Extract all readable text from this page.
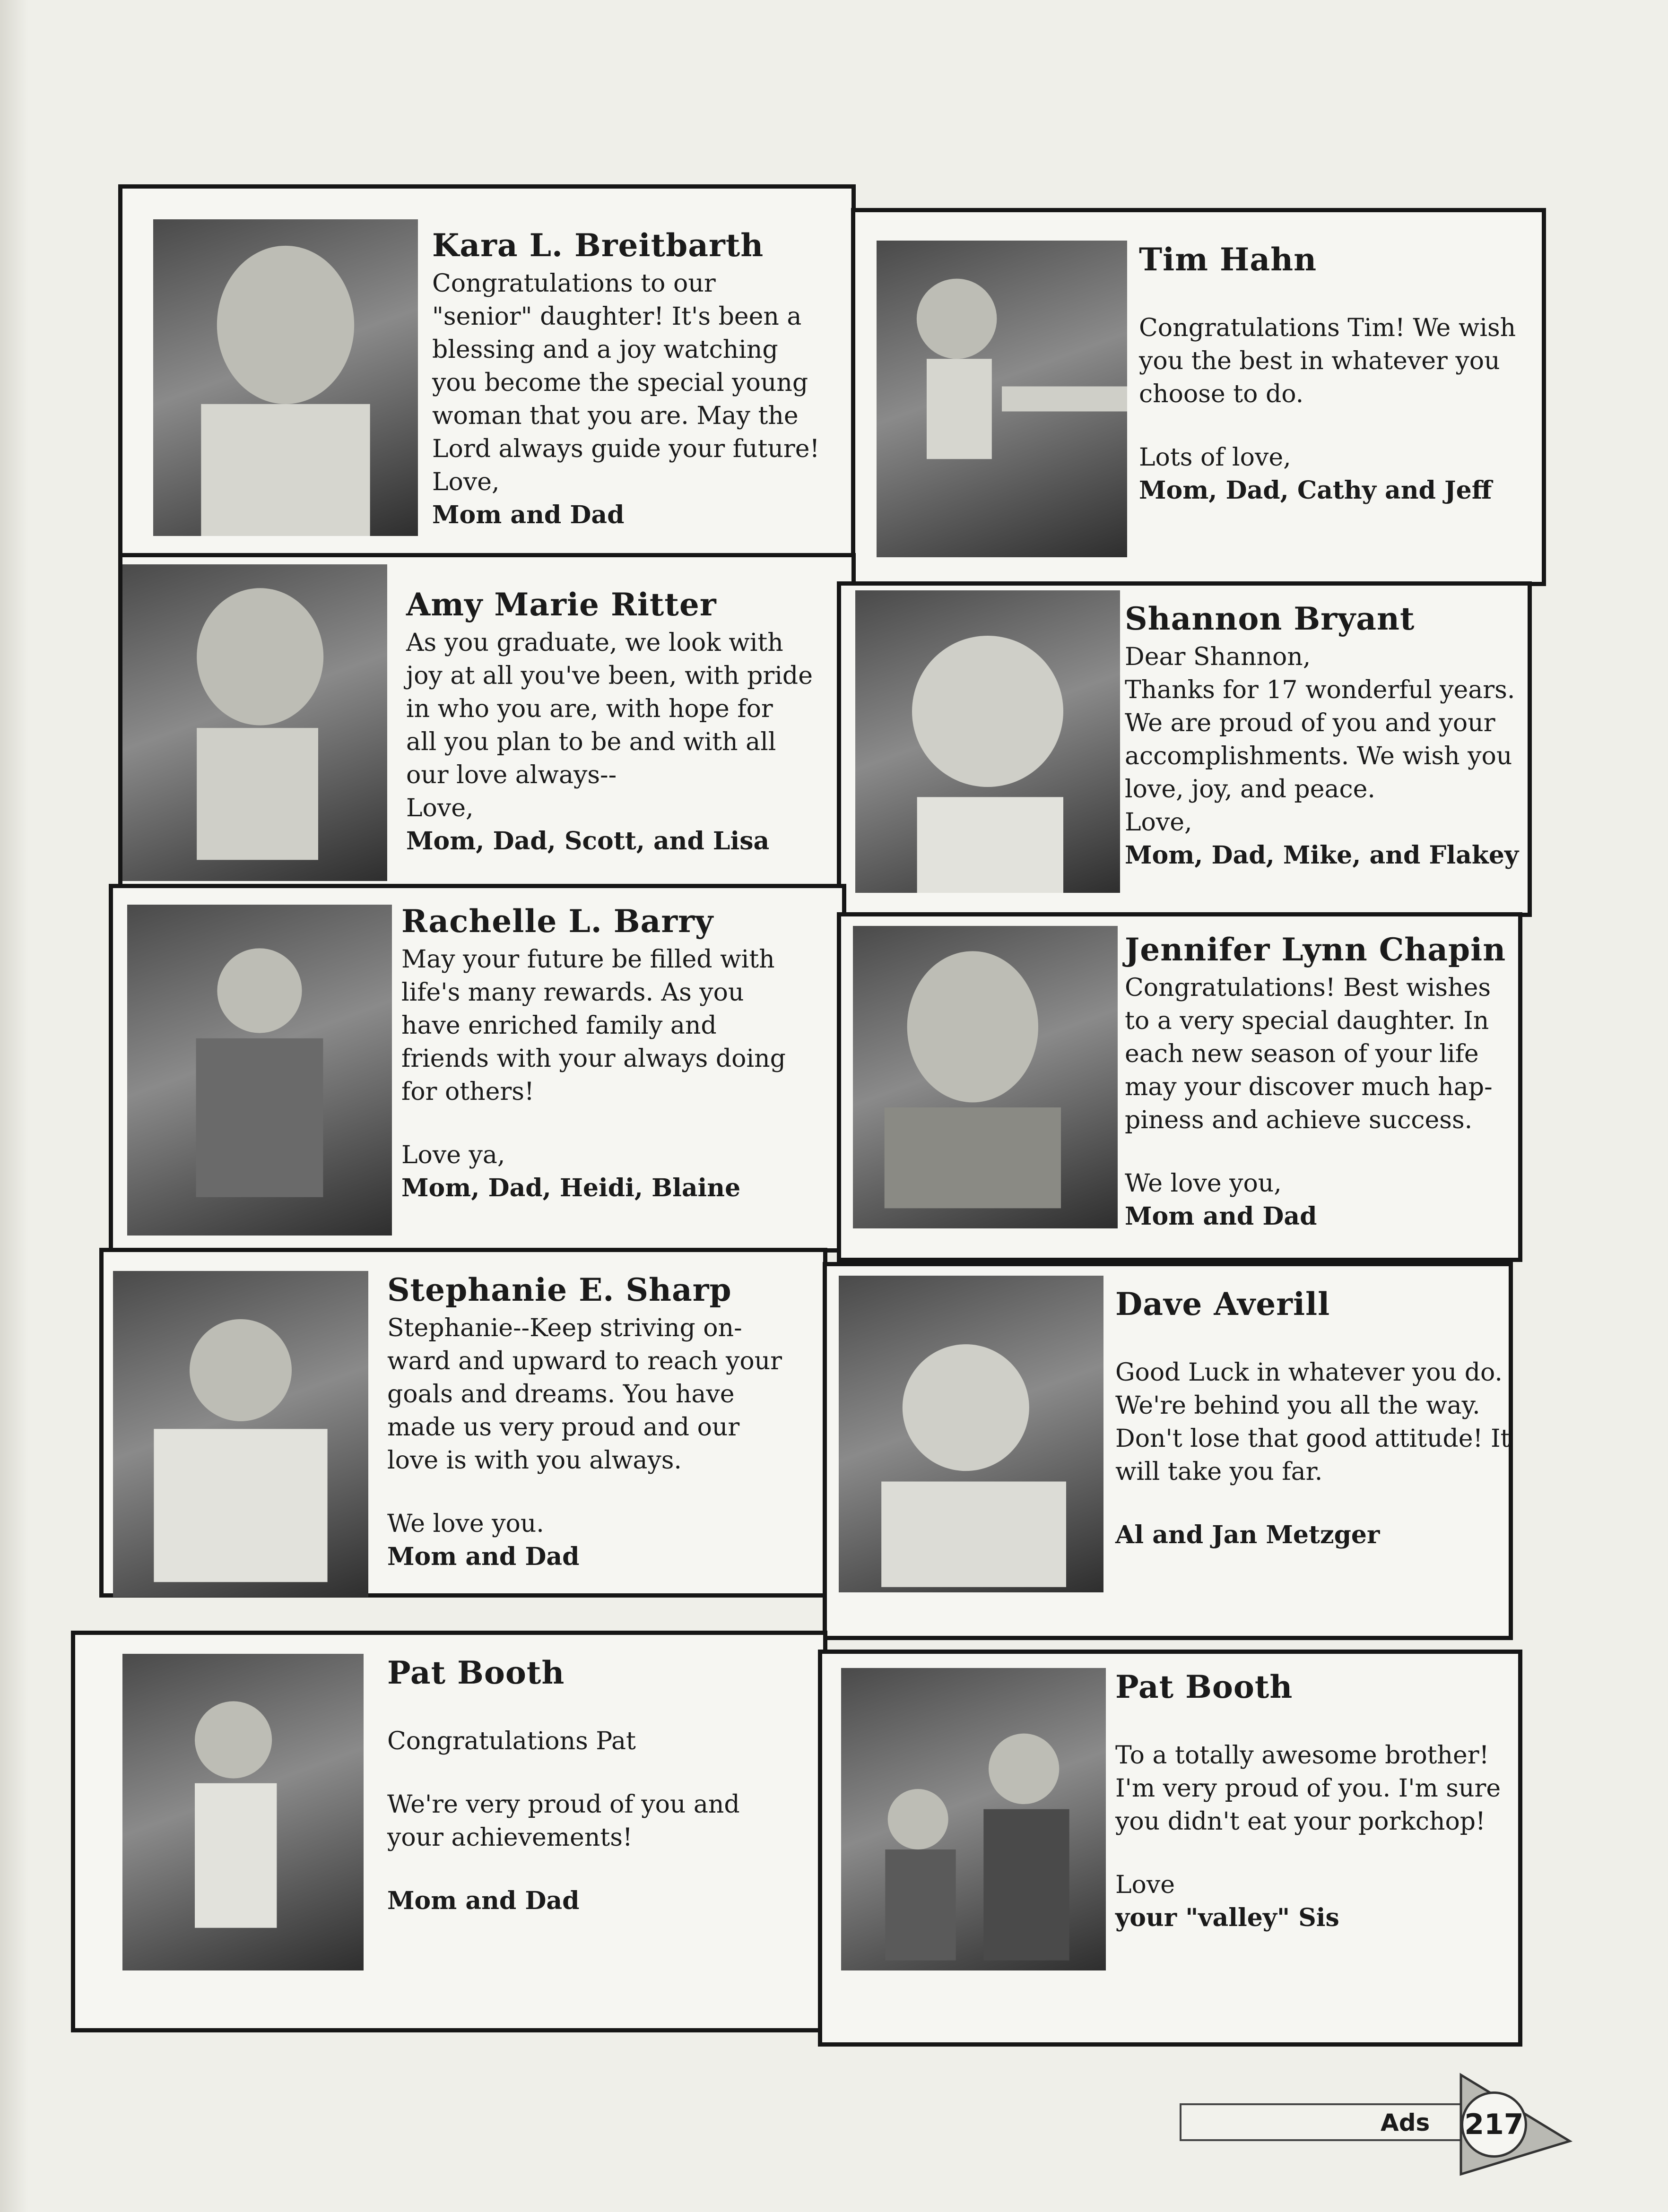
Kara L. Breitbarth
Congratulations to our
"senior" daughter! It's been a
blessing and a joy watching
you become the special young
woman that you are. May the
Lord always guide your future!
Love,
Mom and Dad
Tim Hahn
Congratulations Tim! We wish
you the best in whatever you
choose to do.
Lots of love,
Mom, Dad, Cathy and Jeff
Amy Marie Ritter
As you graduate, we look with
joy at all you've been, with pride
in who you are, with hope for
all you plan to be and with all
our love always--
Love,
Mom, Dad, Scott, and Lisa
Shannon Bryant
Dear Shannon,
Thanks for 17 wonderful years.
We are proud of you and your
accomplishments. We wish you
love, joy, and peace.
Love,
Mom, Dad, Mike, and Flakey
Rachelle L. Barry
May your future be filled with
life's many rewards. As you
have enriched family and
friends with your always doing
for others!
Love ya,
Mom, Dad, Heidi, Blaine
Jennifer Lynn Chapin
Congratulations! Best wishes
to a very special daughter. In
each new season of your life
may your discover much hap-
piness and achieve success.
We love you,
Mom and Dad
Stephanie E. Sharp
Stephanie--Keep striving on-
ward and upward to reach your
goals and dreams. You have
made us very proud and our
love is with you always.
We love you.
Mom and Dad
Dave Averill
Good Luck in whatever you do.
We're behind you all the way.
Don't lose that good attitude! It
will take you far.
Al and Jan Metzger
Pat Booth
Congratulations Pat
We're very proud of you and
your achievements!
Mom and Dad
Pat Booth
To a totally awesome brother!
I'm very proud of you. I'm sure
you didn't eat your porkchop!
Love
your "valley" Sis
Ads 217
